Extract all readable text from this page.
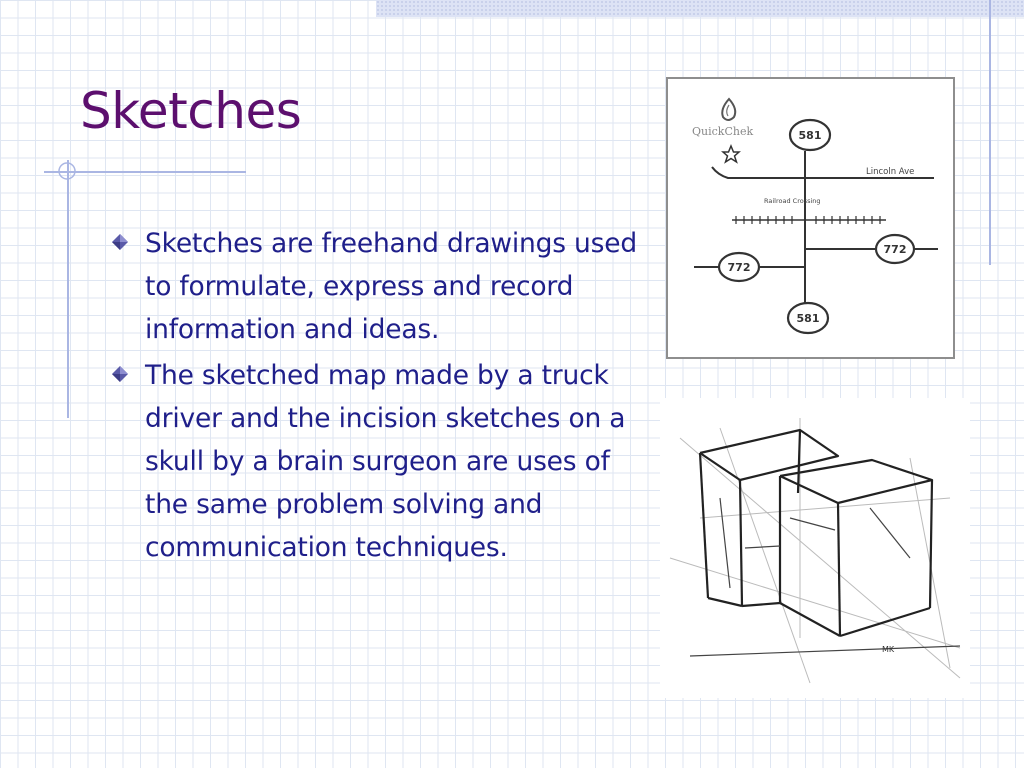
Sketches
Sketches are freehand drawings used to formulate, express and record information and ideas.
The sketched map made by a truck driver and the incision sketches on a skull by a brain surgeon are uses of the same problem solving and communication techniques.
QuickChek
Lincoln Ave
Railroad Crossing
581
772
772
581
MK
